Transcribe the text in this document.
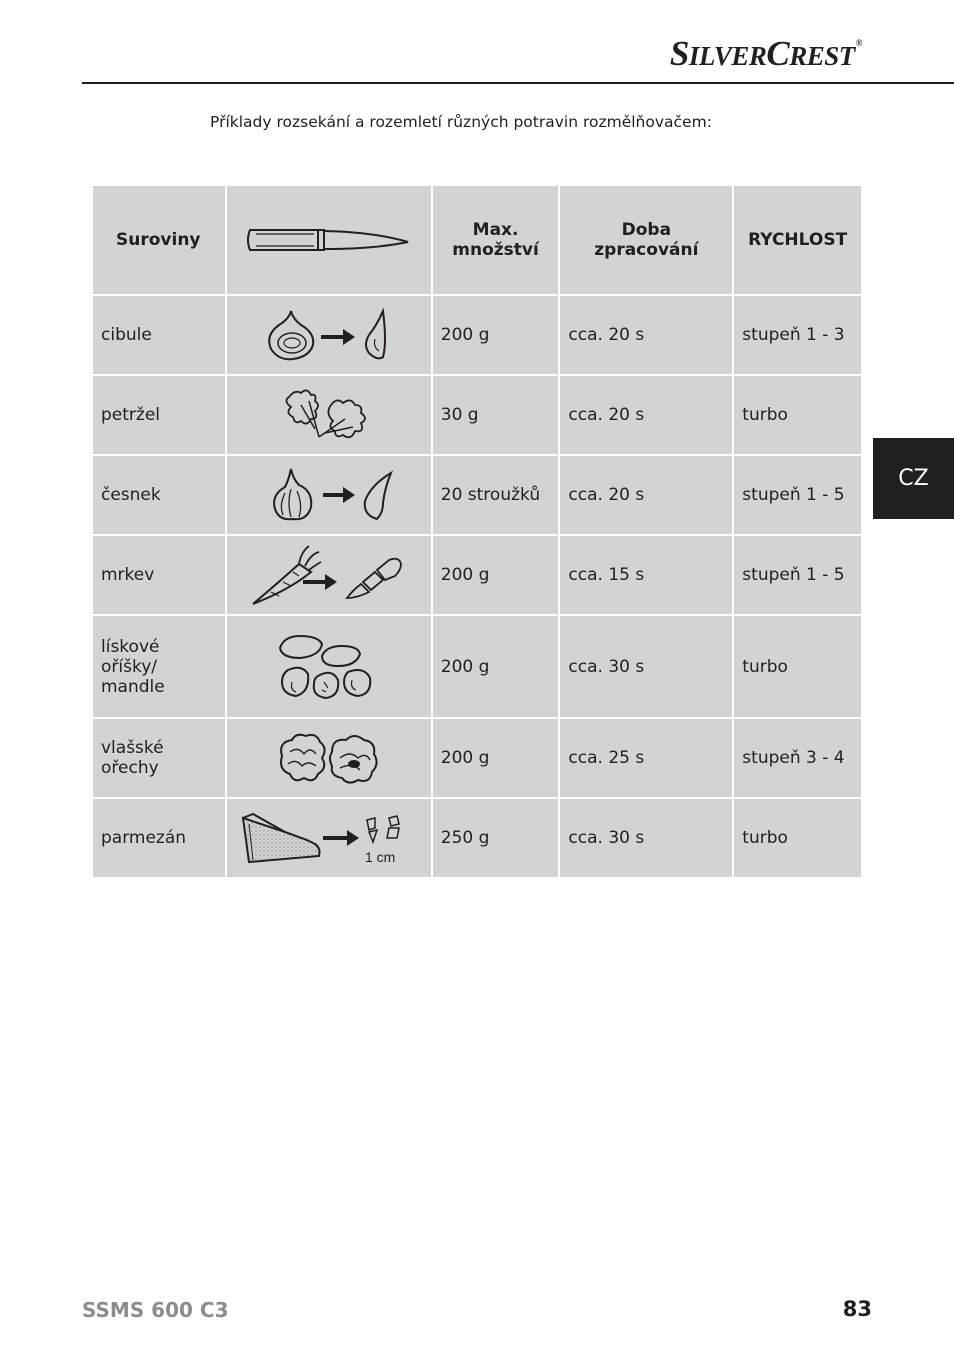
SILVERCREST®
Příklady rozsekání a rozemletí různých potravin rozmělňovačem:
CZ
Suroviny		Max. množství	Doba zpracování	RYCHLOST
cibule		200 g	cca. 20 s	stupeň 1 - 3
petržel		30 g	cca. 20 s	turbo
česnek		20 stroužků	cca. 20 s	stupeň 1 - 5
mrkev		200 g	cca. 15 s	stupeň 1 - 5
lískové oříšky/ mandle		200 g	cca. 30 s	turbo
vlašské ořechy		200 g	cca. 25 s	stupeň 3 - 4
parmezán	1 cm	250 g	cca. 30 s	turbo
SSMS 600 C3	83
